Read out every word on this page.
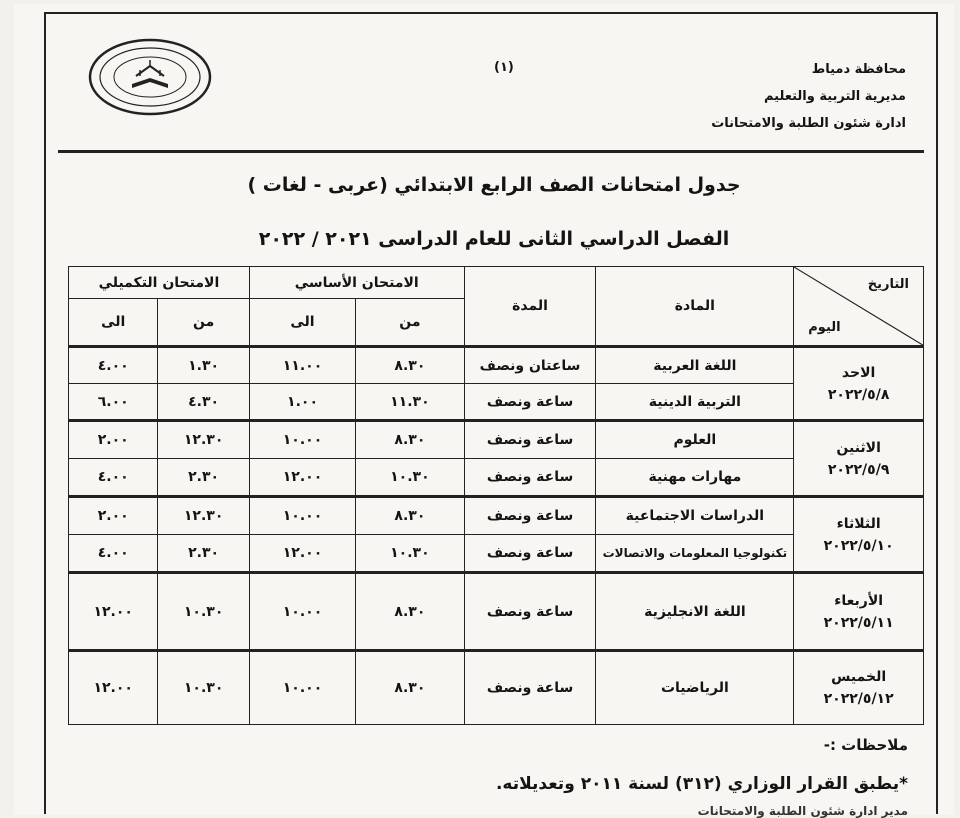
(١)	محافظة دمياط
مديرية التربية والتعليم
ادارة شئون الطلبة والامتحانات
جدول امتحانات الصف الرابع الابتدائي (عربى - لغات )
الفصل الدراسي الثانى للعام الدراسى ٢٠٢١ / ٢٠٢٢
التاريخ
اليوم	المادة	المدة	الامتحان الأساسي		الامتحان التكميلي	
			من	الى	من	الى

الاحد
٢٠٢٢/٥/٨	اللغة العربية	ساعتان ونصف	٨.٣٠	١١.٠٠	١.٣٠	٤.٠٠
	التربية الدينية	ساعة ونصف	١١.٣٠	١.٠٠	٤.٣٠	٦.٠٠

الاثنين
٢٠٢٢/٥/٩	العلوم	ساعة ونصف	٨.٣٠	١٠.٠٠	١٢.٣٠	٢.٠٠
	مهارات مهنية	ساعة ونصف	١٠.٣٠	١٢.٠٠	٢.٣٠	٤.٠٠

الثلاثاء
٢٠٢٢/٥/١٠	الدراسات الاجتماعية	ساعة ونصف	٨.٣٠	١٠.٠٠	١٢.٣٠	٢.٠٠
	تكنولوجيا المعلومات والاتصالات	ساعة ونصف	١٠.٣٠	١٢.٠٠	٢.٣٠	٤.٠٠

الأربعاء
٢٠٢٢/٥/١١	اللغة الانجليزية	ساعة ونصف	٨.٣٠	١٠.٠٠	١٠.٣٠	١٢.٠٠

الخميس
٢٠٢٢/٥/١٢	الرياضيات	ساعة ونصف	٨.٣٠	١٠.٠٠	١٠.٣٠	١٢.٠٠
ملاحظات :-
*يطبق القرار الوزاري (٣١٢) لسنة ٢٠١١ وتعديلاته.
مدير ادارة شئون الطلبة والامتحانات
